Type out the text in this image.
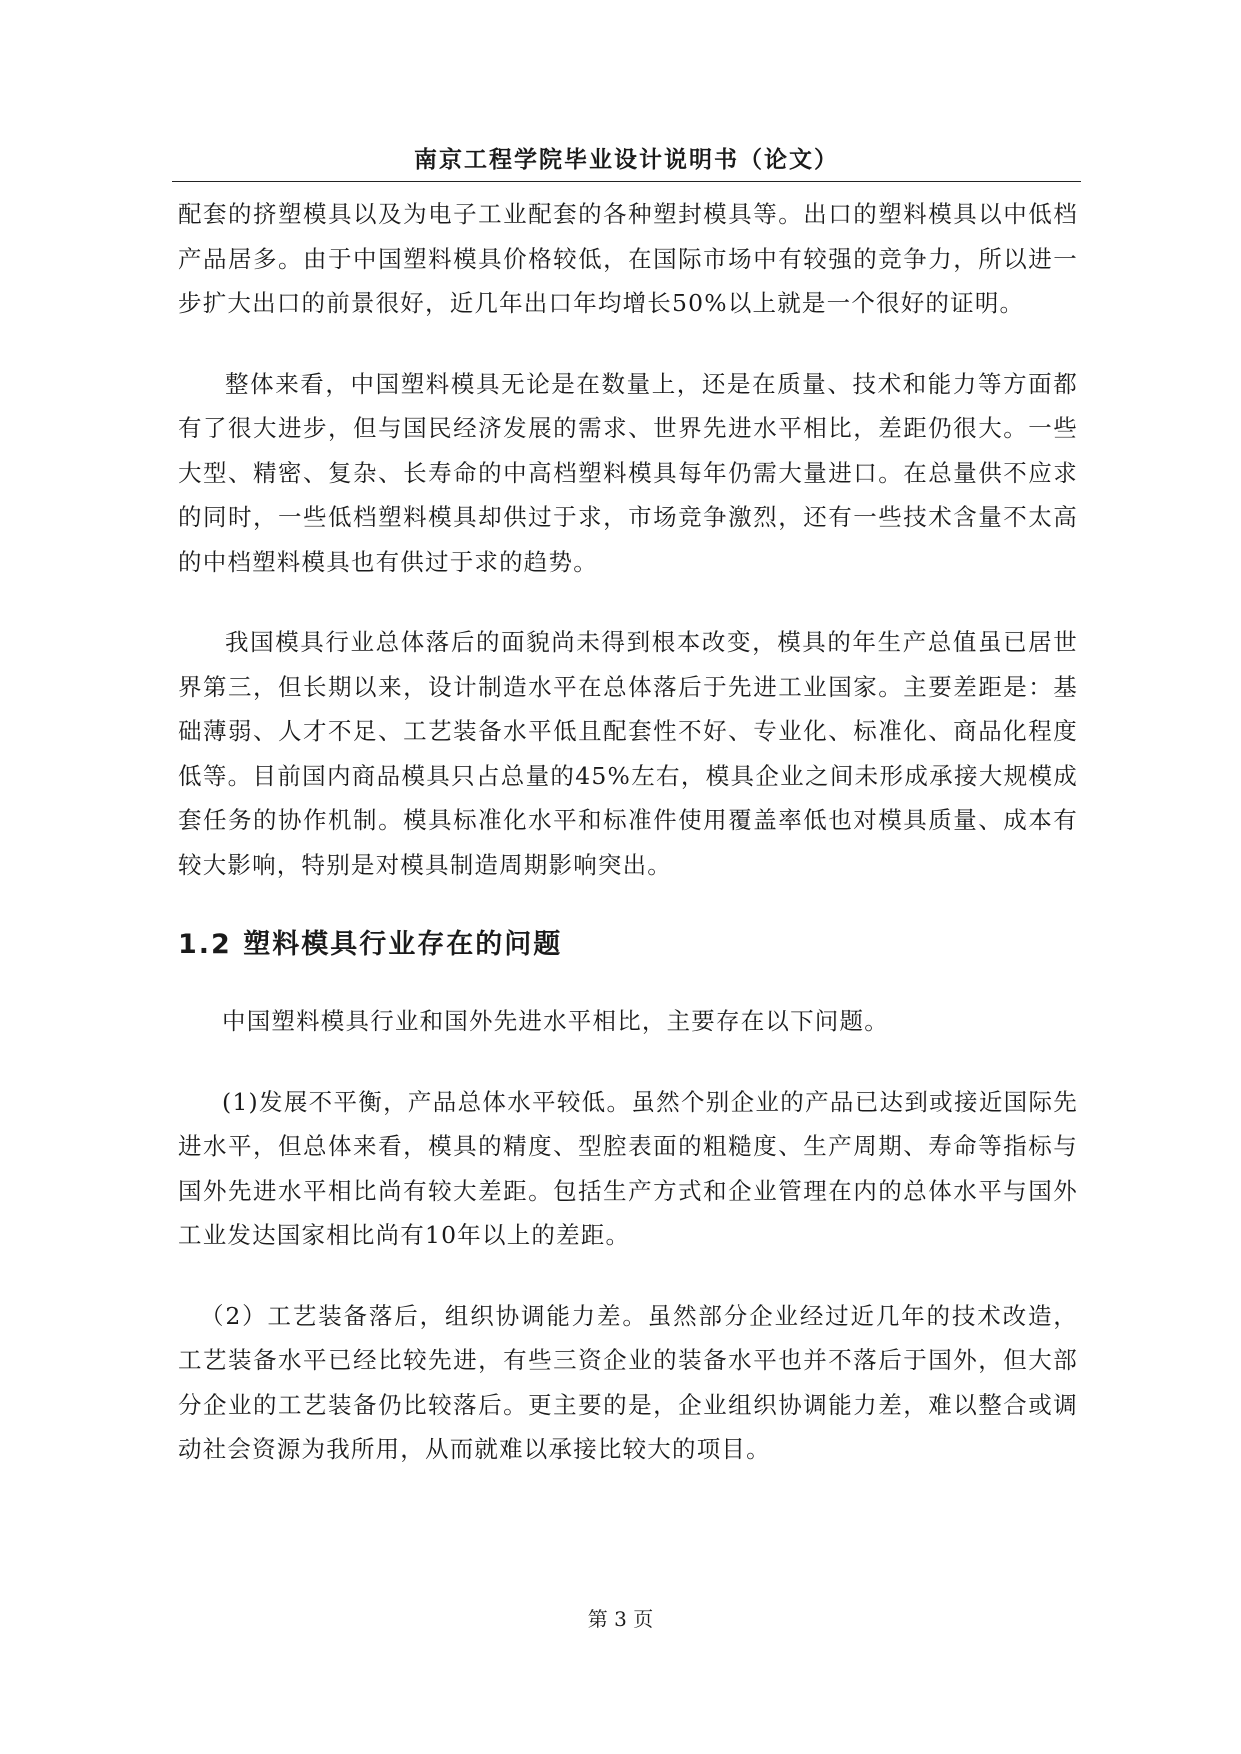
南京工程学院毕业设计说明书（论文）

配套的挤塑模具以及为电子工业配套的各种塑封模具等。出口的塑料模具以中低档产品居多。由于中国塑料模具价格较低，在国际市场中有较强的竞争力，所以进一步扩大出口的前景很好，近几年出口年均增长50%以上就是一个很好的证明。

整体来看，中国塑料模具无论是在数量上，还是在质量、技术和能力等方面都有了很大进步，但与国民经济发展的需求、世界先进水平相比，差距仍很大。一些大型、精密、复杂、长寿命的中高档塑料模具每年仍需大量进口。在总量供不应求的同时，一些低档塑料模具却供过于求，市场竞争激烈，还有一些技术含量不太高的中档塑料模具也有供过于求的趋势。

我国模具行业总体落后的面貌尚未得到根本改变，模具的年生产总值虽已居世界第三，但长期以来，设计制造水平在总体落后于先进工业国家。主要差距是：基础薄弱、人才不足、工艺装备水平低且配套性不好、专业化、标准化、商品化程度低等。目前国内商品模具只占总量的45%左右，模具企业之间未形成承接大规模成套任务的协作机制。模具标准化水平和标准件使用覆盖率低也对模具质量、成本有较大影响，特别是对模具制造周期影响突出。

1.2 塑料模具行业存在的问题

中国塑料模具行业和国外先进水平相比，主要存在以下问题。

(1)发展不平衡，产品总体水平较低。虽然个别企业的产品已达到或接近国际先进水平，但总体来看，模具的精度、型腔表面的粗糙度、生产周期、寿命等指标与国外先进水平相比尚有较大差距。包括生产方式和企业管理在内的总体水平与国外工业发达国家相比尚有10年以上的差距。

（2）工艺装备落后，组织协调能力差。虽然部分企业经过近几年的技术改造，工艺装备水平已经比较先进，有些三资企业的装备水平也并不落后于国外，但大部分企业的工艺装备仍比较落后。更主要的是，企业组织协调能力差，难以整合或调动社会资源为我所用，从而就难以承接比较大的项目。

第 3 页
